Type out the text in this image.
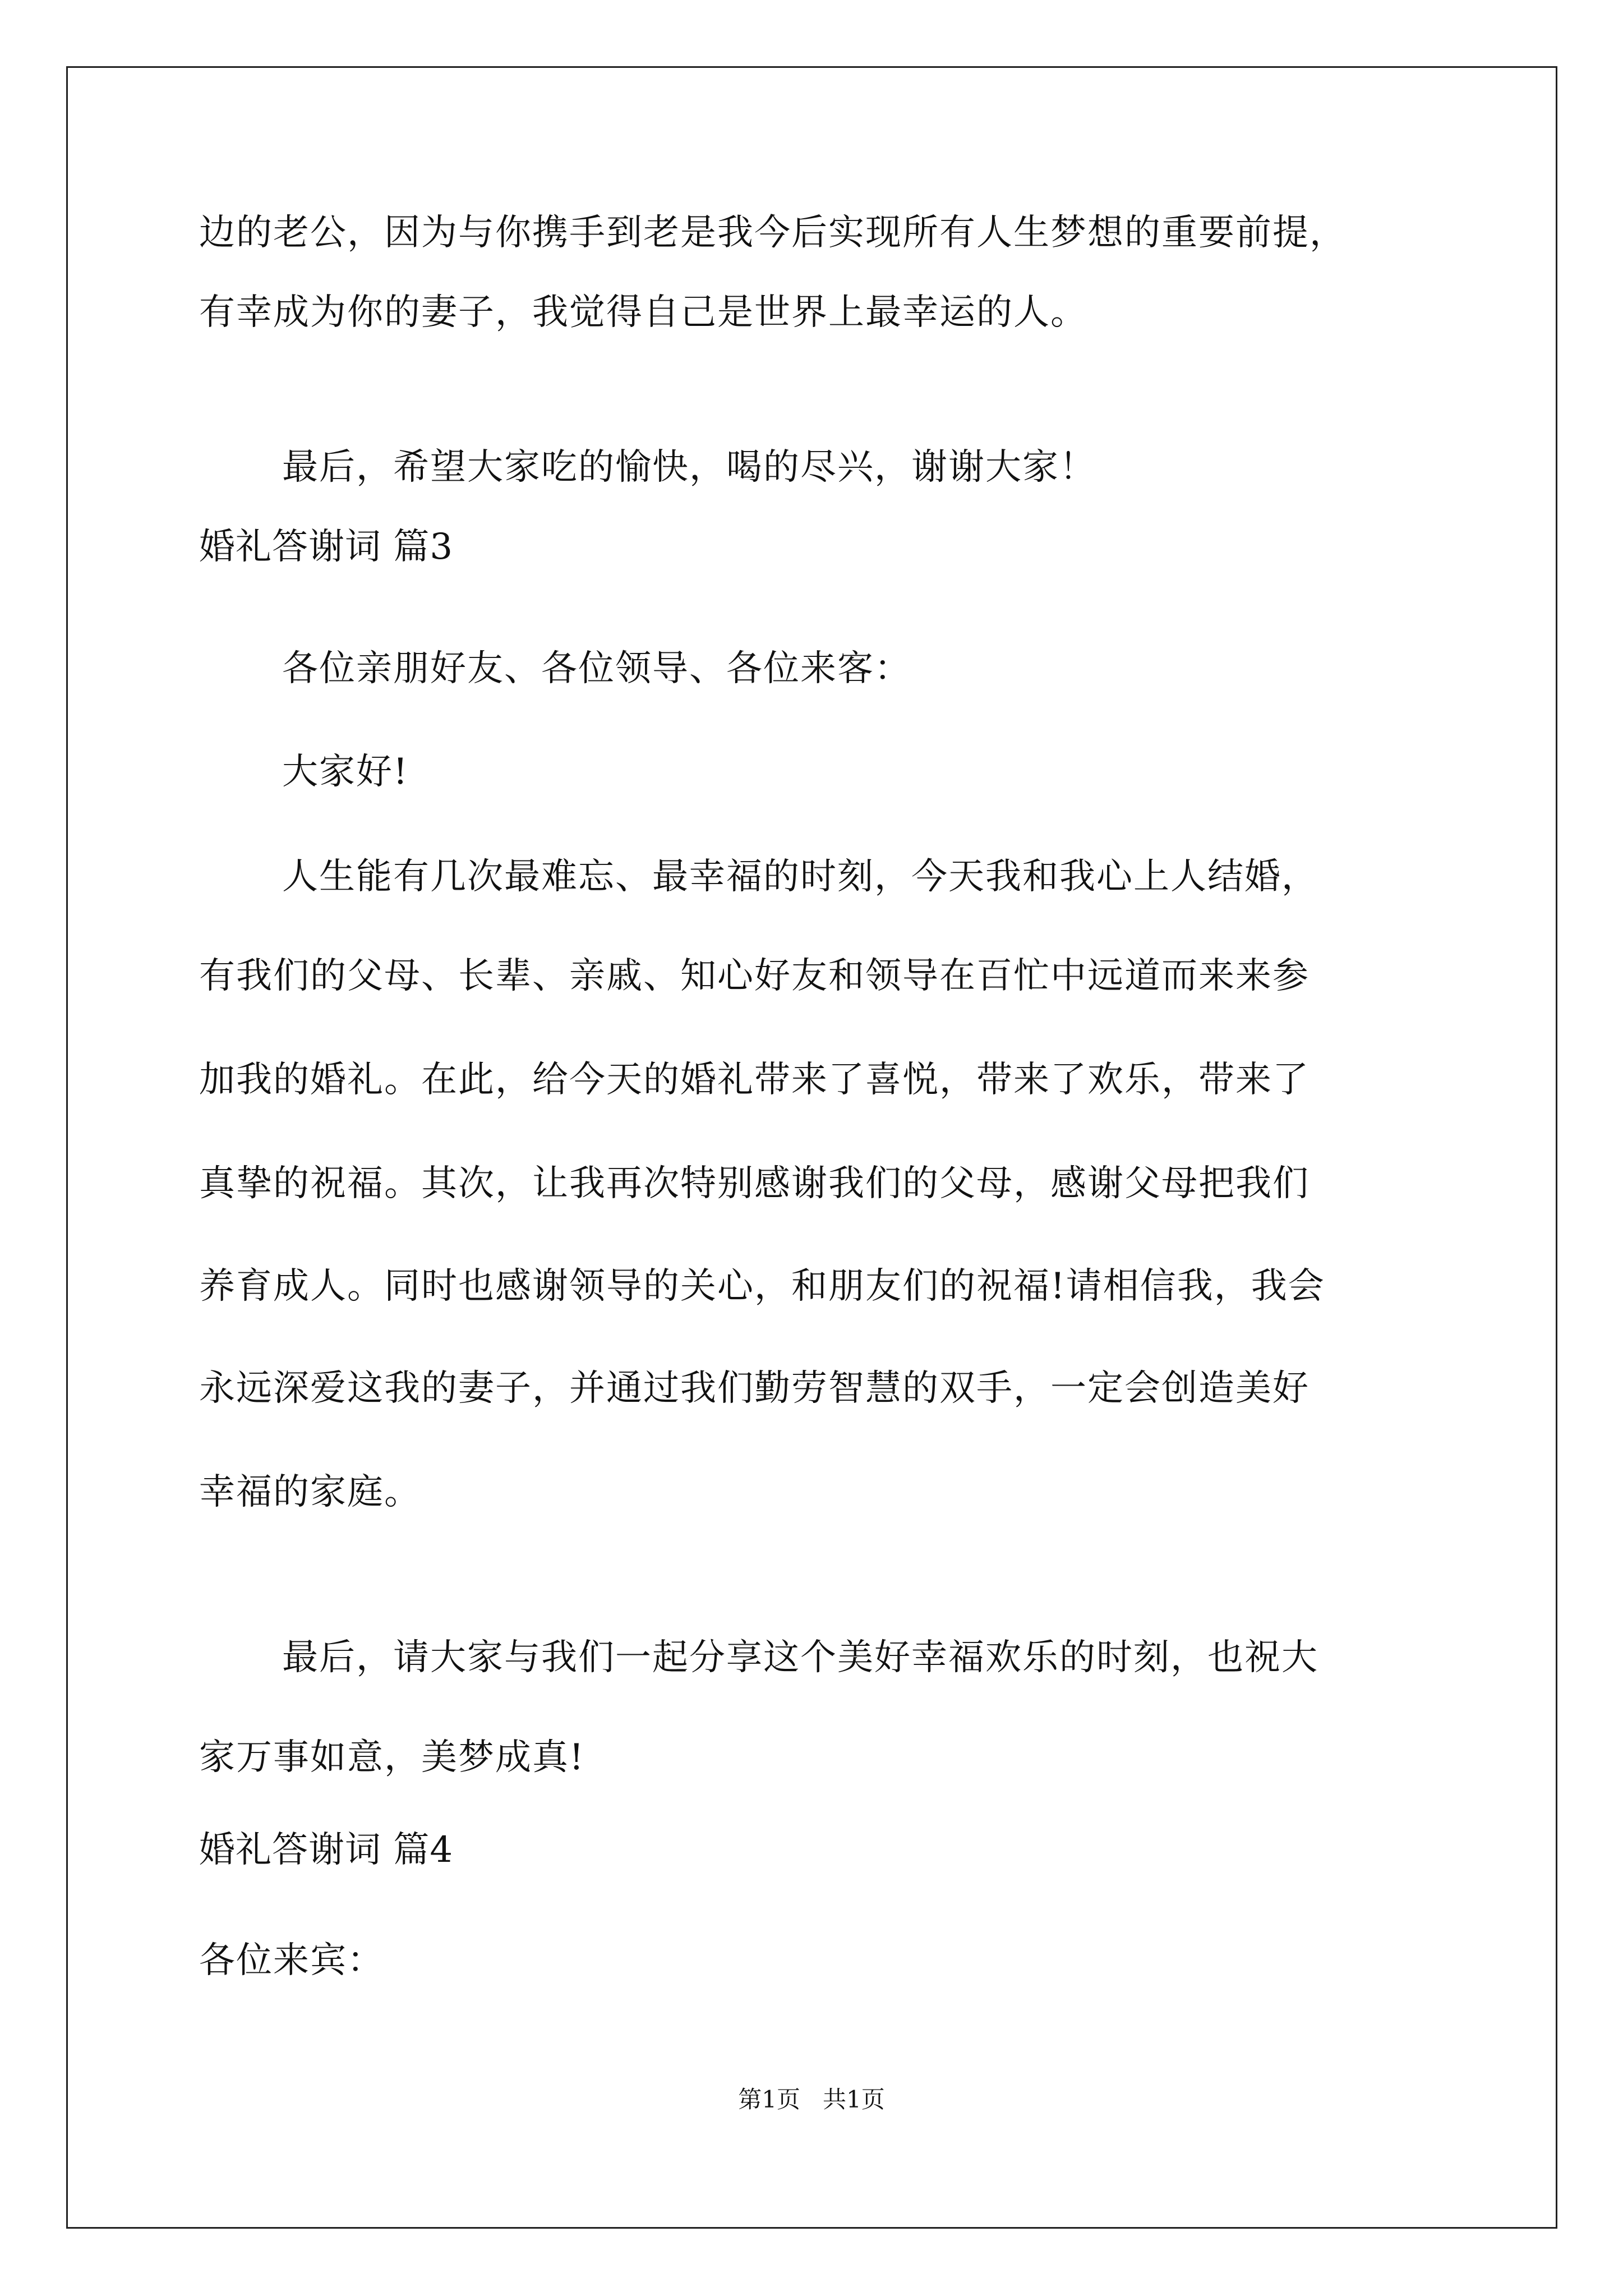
边的老公，因为与你携手到老是我今后实现所有人生梦想的重要前提，
有幸成为你的妻子，我觉得自己是世界上最幸运的人。
最后，希望大家吃的愉快，喝的尽兴，谢谢大家！
婚礼答谢词 篇3
各位亲朋好友、各位领导、各位来客：
大家好!
人生能有几次最难忘、最幸福的时刻，今天我和我心上人结婚，
有我们的父母、长辈、亲戚、知心好友和领导在百忙中远道而来来参
加我的婚礼。在此，给今天的婚礼带来了喜悦，带来了欢乐，带来了
真挚的祝福。其次，让我再次特别感谢我们的父母，感谢父母把我们
养育成人。同时也感谢领导的关心，和朋友们的祝福!请相信我，我会
永远深爱这我的妻子，并通过我们勤劳智慧的双手，一定会创造美好
幸福的家庭。
最后，请大家与我们一起分享这个美好幸福欢乐的时刻，也祝大
家万事如意，美梦成真!
婚礼答谢词 篇4
各位来宾：
第1页   共1页
